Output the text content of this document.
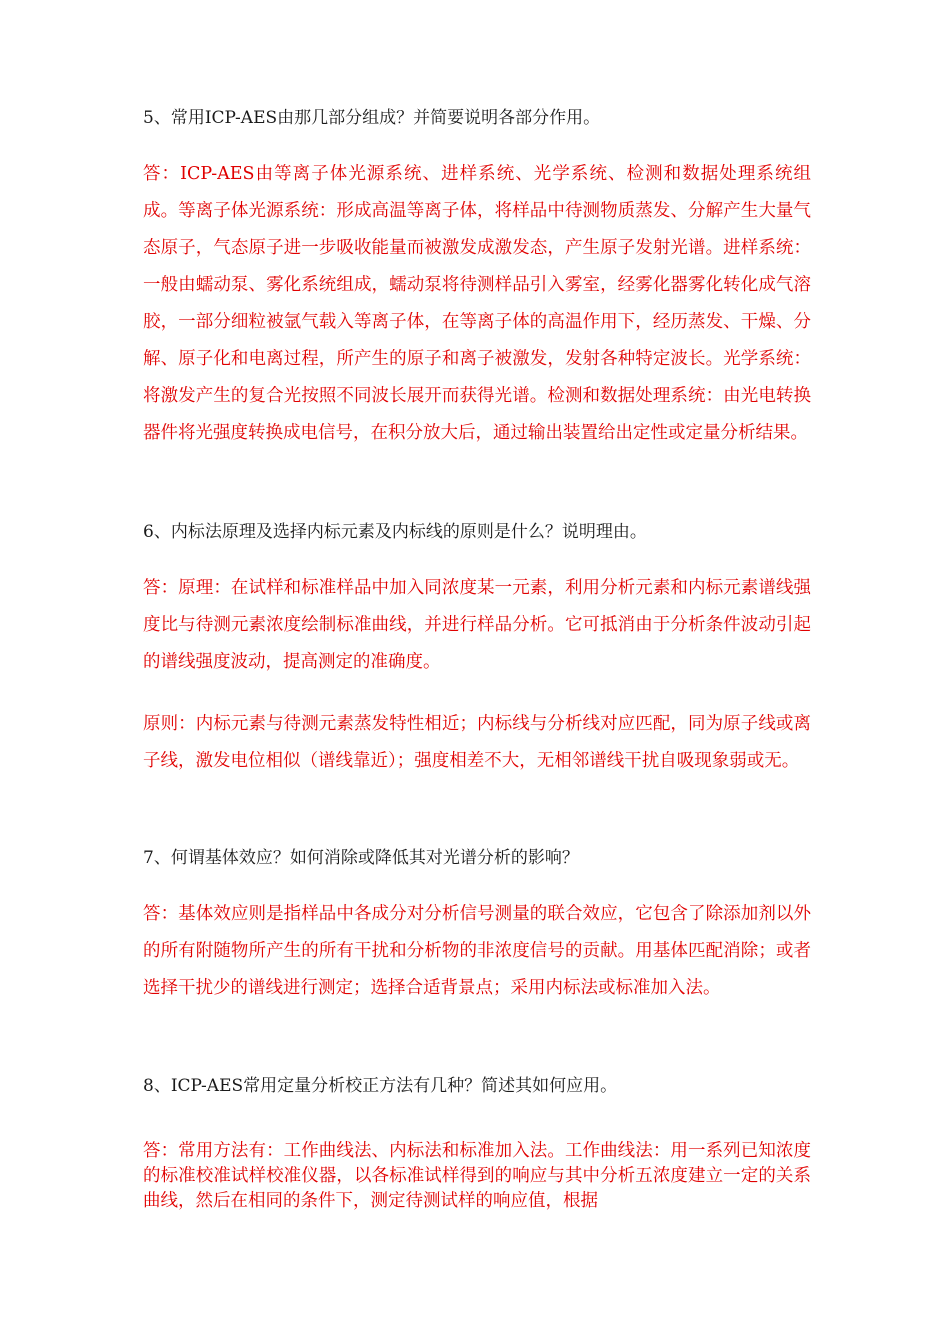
5、常用ICP-AES由那几部分组成？并简要说明各部分作用。

答：ICP-AES由等离子体光源系统、进样系统、光学系统、检测和数据处理系统组成。等离子体光源系统：形成高温等离子体，将样品中待测物质蒸发、分解产生大量气态原子，气态原子进一步吸收能量而被激发成激发态，产生原子发射光谱。进样系统：一般由蠕动泵、雾化系统组成，蠕动泵将待测样品引入雾室，经雾化器雾化转化成气溶胶，一部分细粒被氩气载入等离子体，在等离子体的高温作用下，经历蒸发、干燥、分解、原子化和电离过程，所产生的原子和离子被激发，发射各种特定波长。光学系统：将激发产生的复合光按照不同波长展开而获得光谱。检测和数据处理系统：由光电转换器件将光强度转换成电信号，在积分放大后，通过输出装置给出定性或定量分析结果。

6、内标法原理及选择内标元素及内标线的原则是什么？说明理由。

答：原理：在试样和标准样品中加入同浓度某一元素，利用分析元素和内标元素谱线强度比与待测元素浓度绘制标准曲线，并进行样品分析。它可抵消由于分析条件波动引起的谱线强度波动，提高测定的准确度。

原则：内标元素与待测元素蒸发特性相近；内标线与分析线对应匹配，同为原子线或离子线，激发电位相似（谱线靠近）；强度相差不大，无相邻谱线干扰自吸现象弱或无。

7、何谓基体效应？如何消除或降低其对光谱分析的影响？

答：基体效应则是指样品中各成分对分析信号测量的联合效应，它包含了除添加剂以外的所有附随物所产生的所有干扰和分析物的非浓度信号的贡献。用基体匹配消除；或者选择干扰少的谱线进行测定；选择合适背景点；采用内标法或标准加入法。

8、ICP-AES常用定量分析校正方法有几种？简述其如何应用。

答：常用方法有：工作曲线法、内标法和标准加入法。工作曲线法：用一系列已知浓度的标准校准试样校准仪器，以各标准试样得到的响应与其中分析五浓度建立一定的关系曲线，然后在相同的条件下，测定待测试样的响应值，根据
